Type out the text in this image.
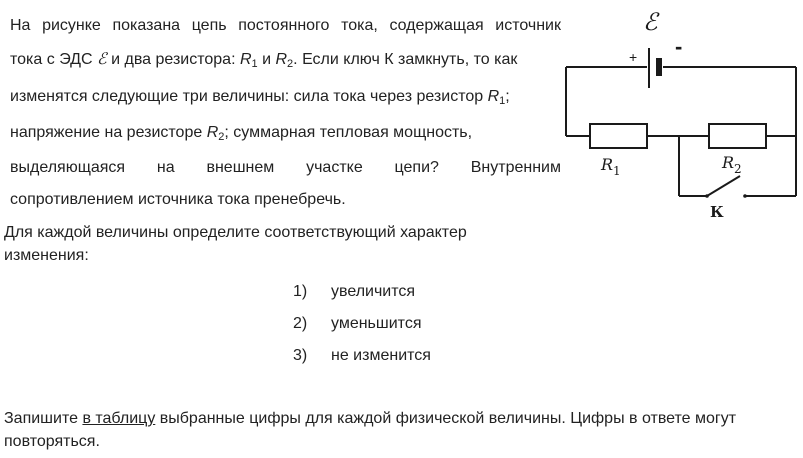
На рисунке показана цепь постоянного тока, содержащая источник
тока с ЭДС ℰ и два резистора: $R_1$ и $R_2$. Если ключ К замкнуть, то как
изменятся следующие три величины: сила тока через резистор $R_1$;
напряжение на резисторе $R_2$; суммарная тепловая мощность,
выделяющаяся на внешнем участке цепи? Внутренним
сопротивлением источника тока пренебречь.
Для каждой величины определите соответствующий характер
изменения:
1) увеличится
2) уменьшится
3) не изменится
Запишите в таблицу выбранные цифры для каждой физической величины. Цифры в ответе могут
повторяться.
ℰ
+ -
R 1	R 2
К
